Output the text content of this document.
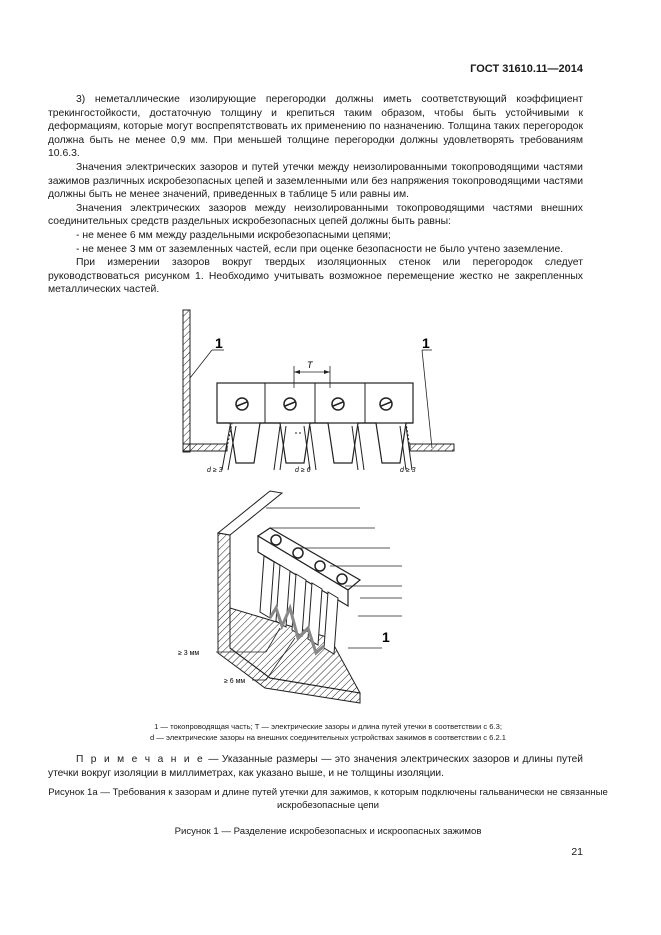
ГОСТ 31610.11—2014

3) неметаллические изолирующие перегородки должны иметь соответствующий коэффициент трекингостойкости, достаточную толщину и крепиться таким образом, чтобы быть устойчивыми к деформациям, которые могут воспрепятствовать их применению по назначению. Толщина таких перегородок должна быть не менее 0,9 мм. При меньшей толщине перегородки должны удовлетворять требованиям 10.6.3.

Значения электрических зазоров и путей утечки между неизолированными токопроводящими частями зажимов различных искробезопасных цепей и заземленными или без напряжения токопроводящими частями должны быть не менее значений, приведенных в таблице 5 или равны им.

Значения электрических зазоров между неизолированными токопроводящими частями внешних соединительных средств раздельных искробезопасных цепей должны быть равны:

- не менее 6 мм между раздельными искробезопасными цепями;

- не менее 3 мм от заземленных частей, если при оценке безопасности не было учтено заземление.

При измерении зазоров вокруг твердых изоляционных стенок или перегородок следует руководствоваться рисунком 1. Необходимо учитывать возможное перемещение жестко не закрепленных металлических частей.

1	1
T
d ≥ 3	d ≥ 6	d ≥ 3
1
≥ 3 мм
≥ 6 мм
1 — токопроводящая часть; T — электрические зазоры и длина путей утечки в соответствии с 6.3;
d — электрические зазоры на внешних соединительных устройствах зажимов в соответствии с 6.2.1
П р и м е ч а н и е — Указанные размеры — это значения электрических зазоров и длины путей утечки вокруг изоляции в миллиметрах, как указано выше, и не толщины изоляции.
Рисунок 1а — Требования к зазорам и длине путей утечки для зажимов, к которым подключены гальванически не связанные искробезопасные цепи
Рисунок 1 — Разделение искробезопасных и искроопасных зажимов
21
